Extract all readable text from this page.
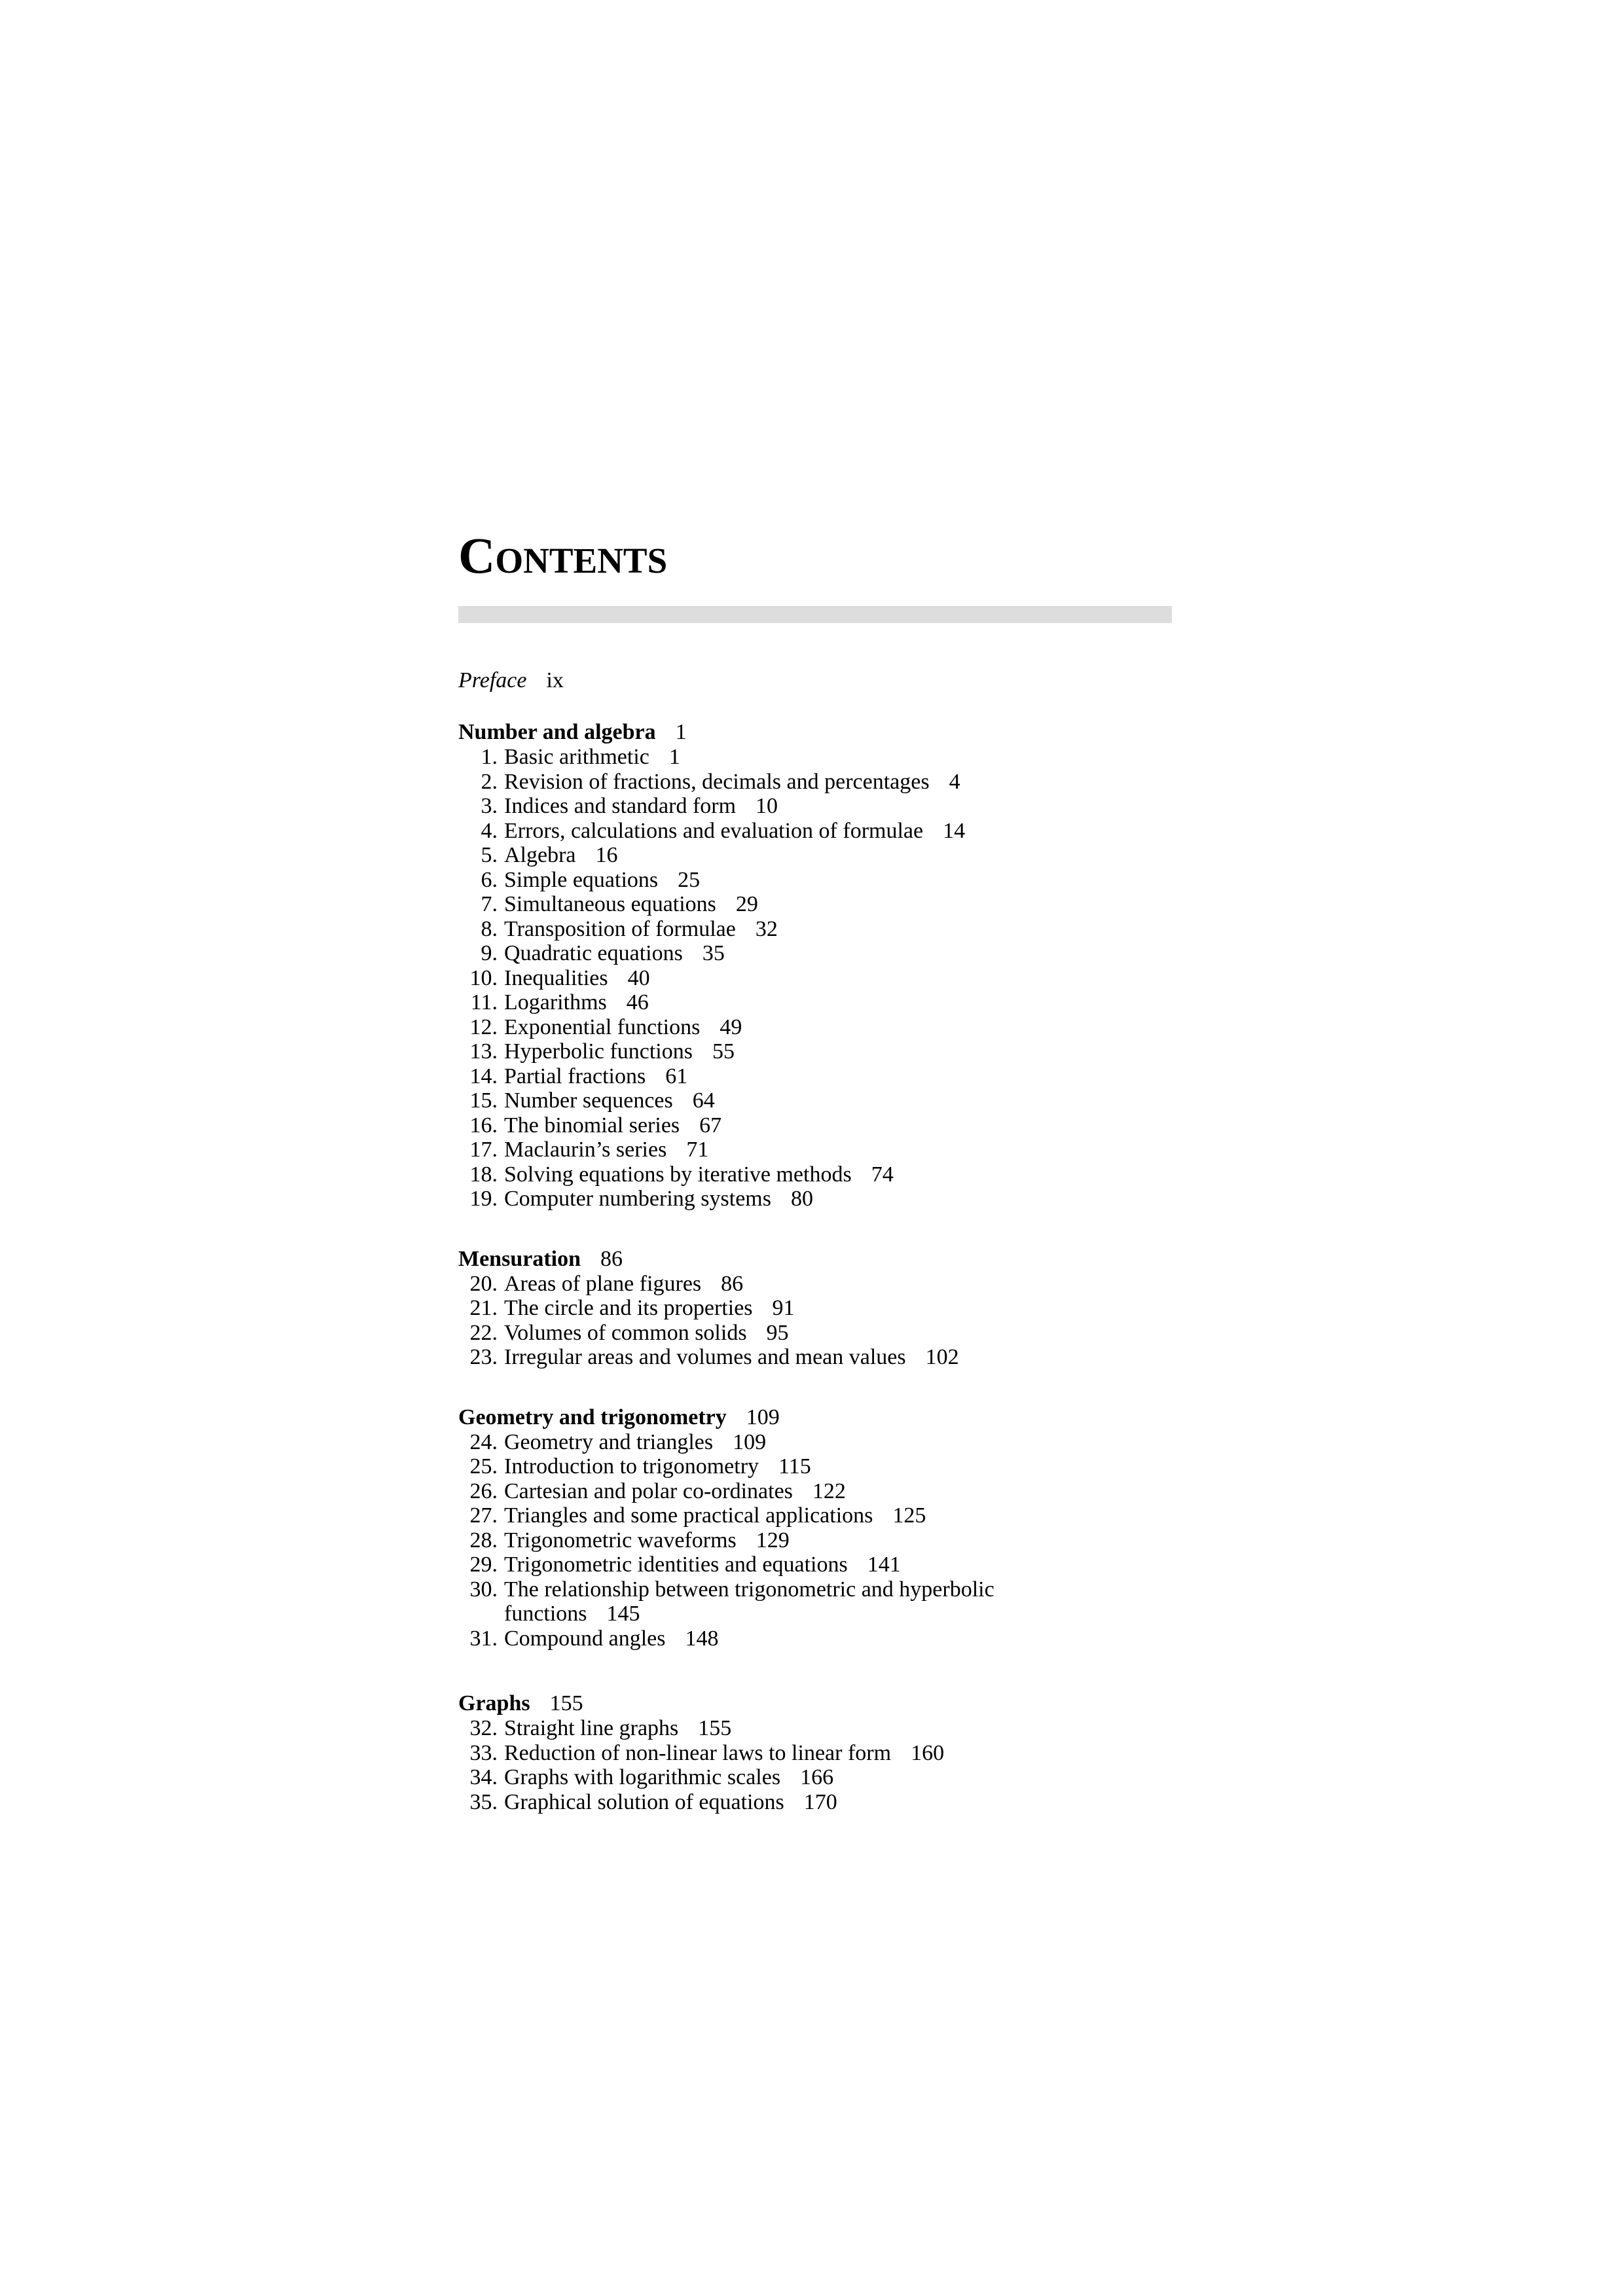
Contents
Preface ix
Number and algebra 1
1. Basic arithmetic 1
2. Revision of fractions, decimals and percentages 4
3. Indices and standard form 10
4. Errors, calculations and evaluation of formulae 14
5. Algebra 16
6. Simple equations 25
7. Simultaneous equations 29
8. Transposition of formulae 32
9. Quadratic equations 35
10. Inequalities 40
11. Logarithms 46
12. Exponential functions 49
13. Hyperbolic functions 55
14. Partial fractions 61
15. Number sequences 64
16. The binomial series 67
17. Maclaurin’s series 71
18. Solving equations by iterative methods 74
19. Computer numbering systems 80
Mensuration 86
20. Areas of plane figures 86
21. The circle and its properties 91
22. Volumes of common solids 95
23. Irregular areas and volumes and mean values 102
Geometry and trigonometry 109
24. Geometry and triangles 109
25. Introduction to trigonometry 115
26. Cartesian and polar co-ordinates 122
27. Triangles and some practical applications 125
28. Trigonometric waveforms 129
29. Trigonometric identities and equations 141
30. The relationship between trigonometric and hyperbolic functions 145
31. Compound angles 148
Graphs 155
32. Straight line graphs 155
33. Reduction of non-linear laws to linear form 160
34. Graphs with logarithmic scales 166
35. Graphical solution of equations 170
